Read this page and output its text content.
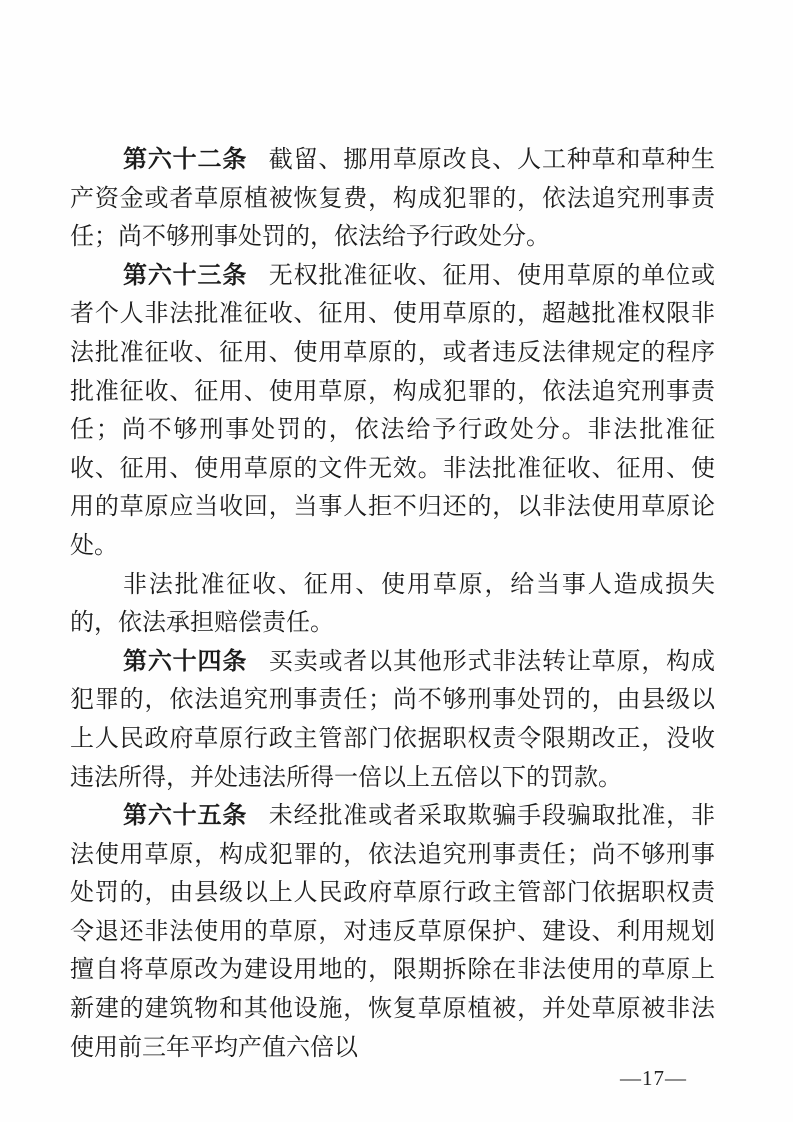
第六十二条 截留、挪用草原改良、人工种草和草种生产资金或者草原植被恢复费，构成犯罪的，依法追究刑事责任；尚不够刑事处罚的，依法给予行政处分。

第六十三条 无权批准征收、征用、使用草原的单位或者个人非法批准征收、征用、使用草原的，超越批准权限非法批准征收、征用、使用草原的，或者违反法律规定的程序批准征收、征用、使用草原，构成犯罪的，依法追究刑事责任；尚不够刑事处罚的，依法给予行政处分。非法批准征收、征用、使用草原的文件无效。非法批准征收、征用、使用的草原应当收回，当事人拒不归还的，以非法使用草原论处。

非法批准征收、征用、使用草原，给当事人造成损失的，依法承担赔偿责任。

第六十四条 买卖或者以其他形式非法转让草原，构成犯罪的，依法追究刑事责任；尚不够刑事处罚的，由县级以上人民政府草原行政主管部门依据职权责令限期改正，没收违法所得，并处违法所得一倍以上五倍以下的罚款。

第六十五条 未经批准或者采取欺骗手段骗取批准，非法使用草原，构成犯罪的，依法追究刑事责任；尚不够刑事处罚的，由县级以上人民政府草原行政主管部门依据职权责令退还非法使用的草原，对违反草原保护、建设、利用规划擅自将草原改为建设用地的，限期拆除在非法使用的草原上新建的建筑物和其他设施，恢复草原植被，并处草原被非法使用前三年平均产值六倍以

—17—
